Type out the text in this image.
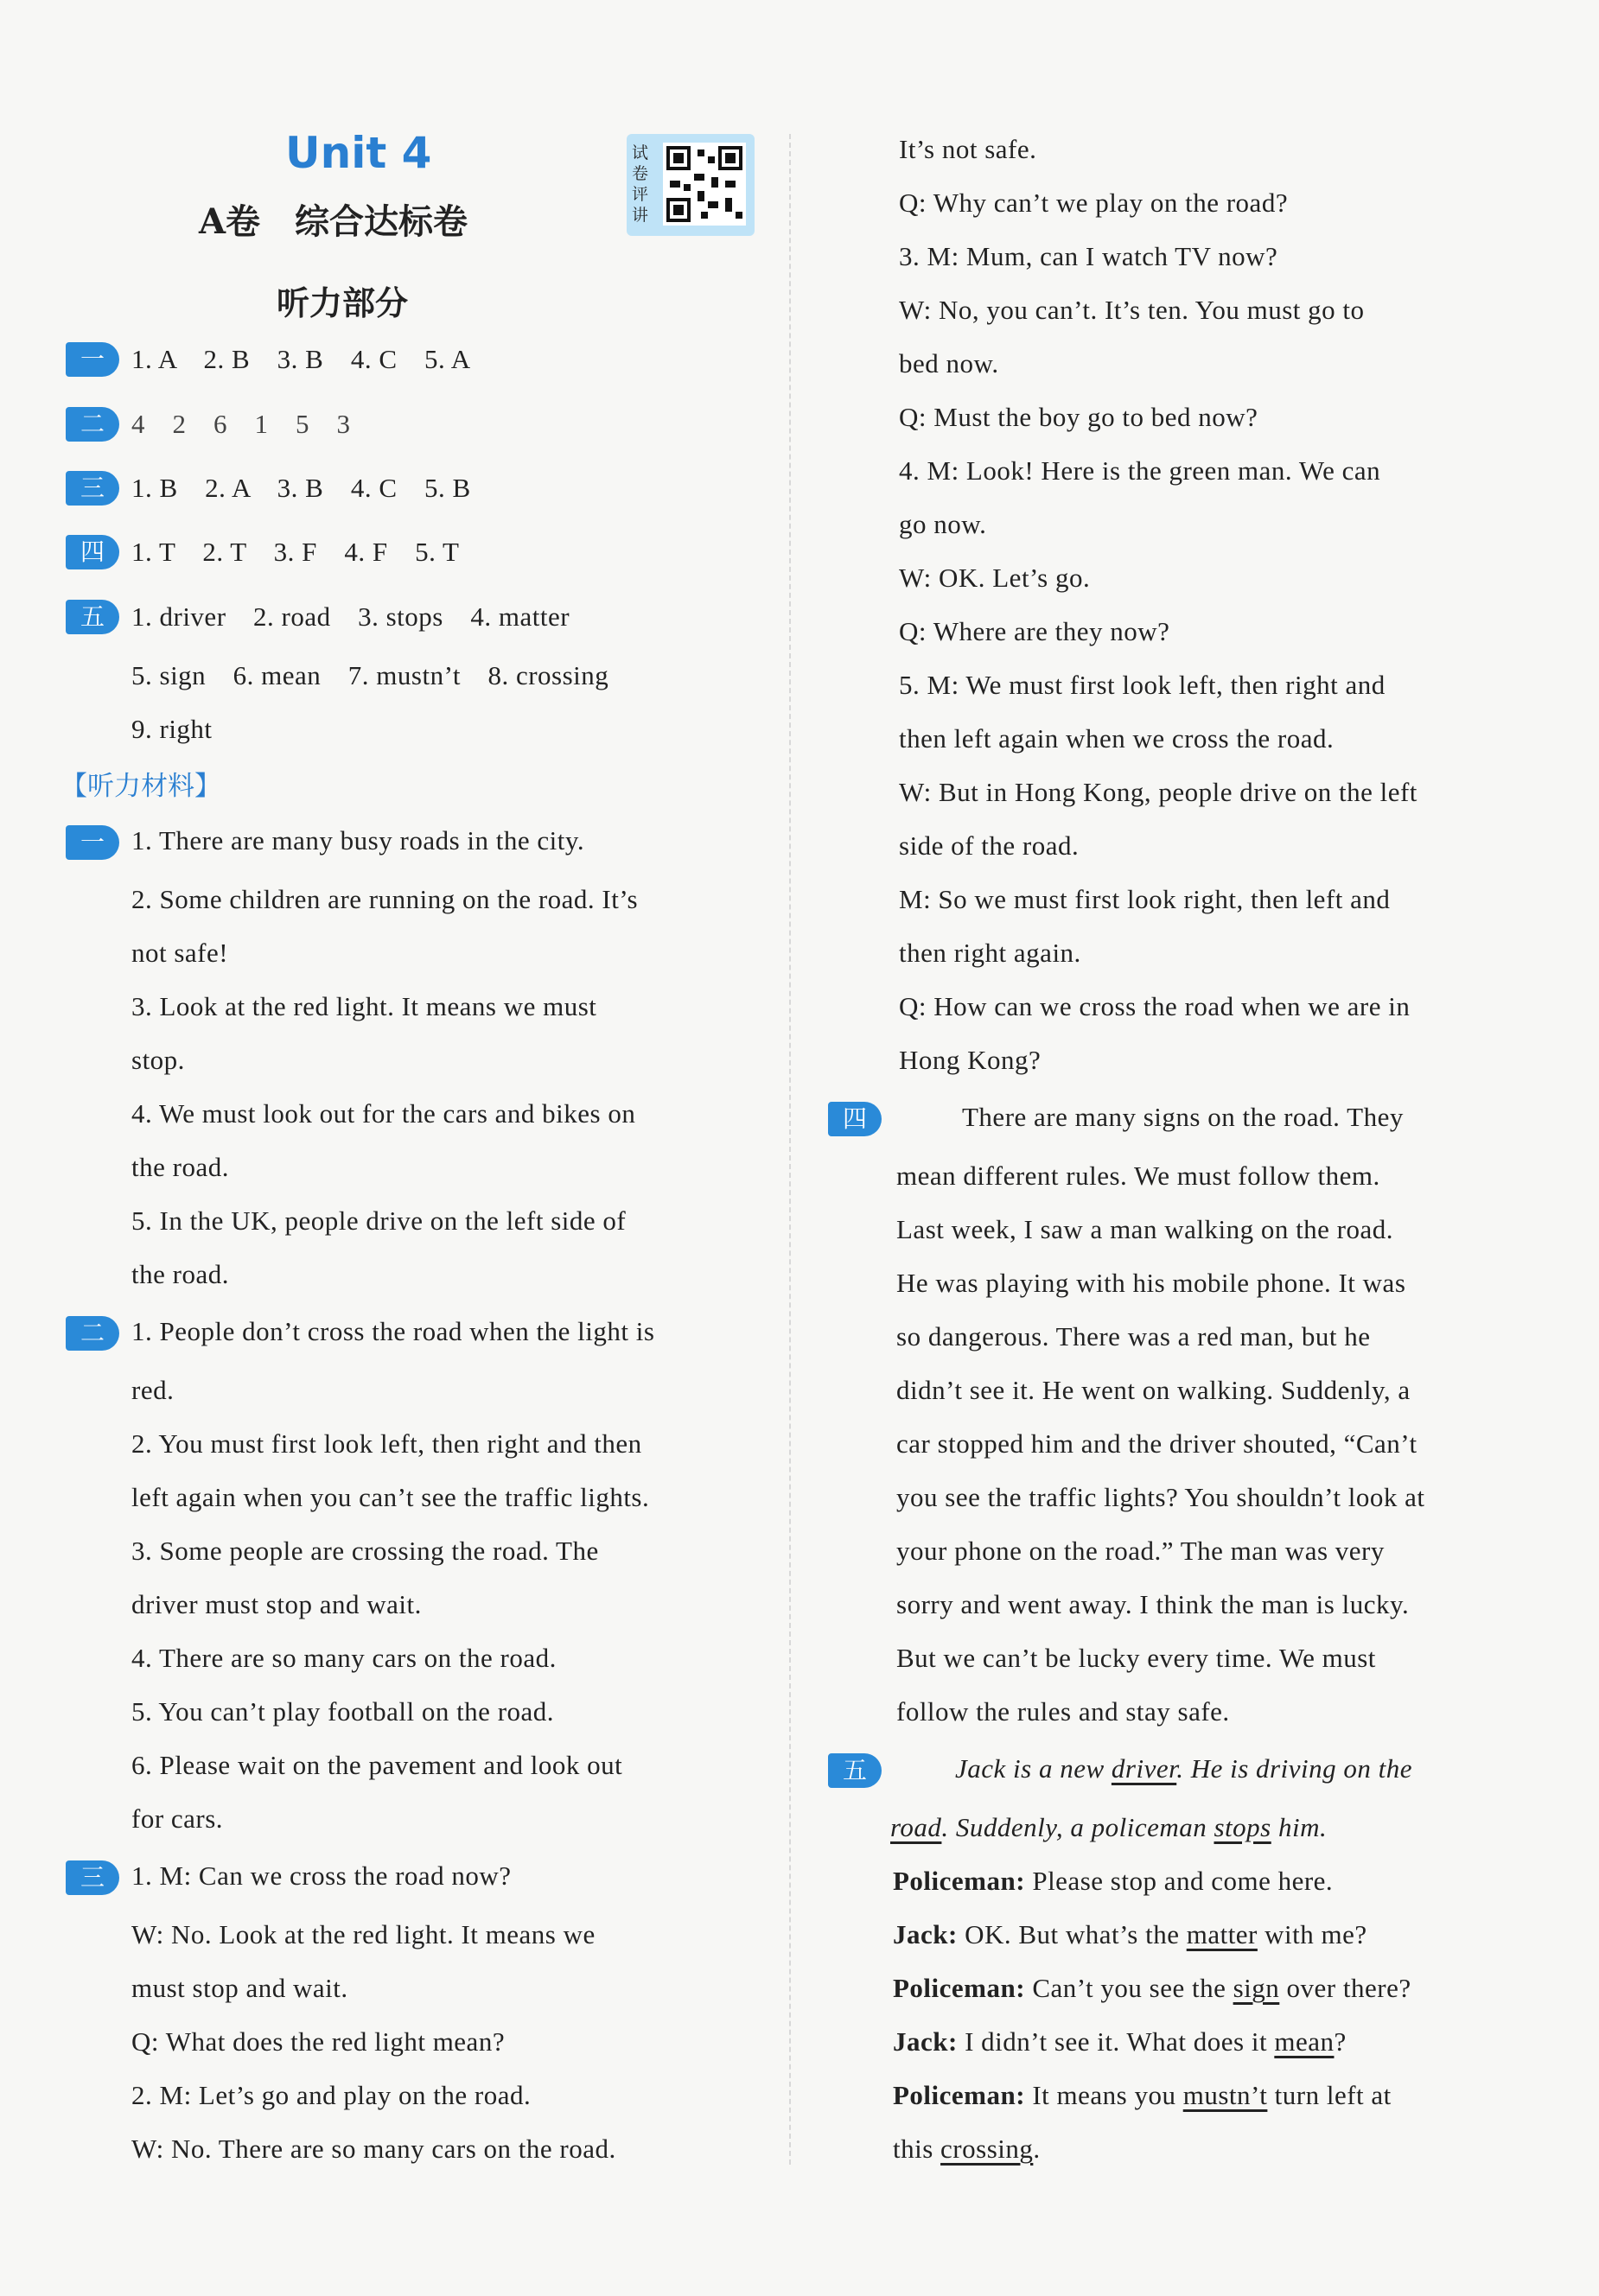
Unit 4
A卷　综合达标卷
试卷评讲
听力部分
一	1. A　2. B　3. B　4. C　5. A
二	4　2　6　1　5　3
三	1. B　2. A　3. B　4. C　5. B
四	1. T　2. T　3. F　4. F　5. T
五	1. driver　2. road　3. stops　4. matter
5. sign　6. mean　7. mustn’t　8. crossing
9. right
【听力材料】
一	1. There are many busy roads in the city.
2. Some children are running on the road. It’s
not safe!
3. Look at the red light. It means we must
stop.
4. We must look out for the cars and bikes on
the road.
5. In the UK, people drive on the left side of
the road.
二	1. People don’t cross the road when the light is
red.
2. You must first look left, then right and then
left again when you can’t see the traffic lights.
3. Some people are crossing the road. The
driver must stop and wait.
4. There are so many cars on the road.
5. You can’t play football on the road.
6. Please wait on the pavement and look out
for cars.
三	1. M: Can we cross the road now?
W: No. Look at the red light. It means we
must stop and wait.
Q: What does the red light mean?
2. M: Let’s go and play on the road.
W: No. There are so many cars on the road.
It’s not safe.
Q: Why can’t we play on the road?
3. M: Mum, can I watch TV now?
W: No, you can’t. It’s ten. You must go to
bed now.
Q: Must the boy go to bed now?
4. M: Look! Here is the green man. We can
go now.
W: OK. Let’s go.
Q: Where are they now?
5. M: We must first look left, then right and
then left again when we cross the road.
W: But in Hong Kong, people drive on the left
side of the road.
M: So we must first look right, then left and
then right again.
Q: How can we cross the road when we are in
Hong Kong?
四	There are many signs on the road. They
mean different rules. We must follow them.
Last week, I saw a man walking on the road.
He was playing with his mobile phone. It was
so dangerous. There was a red man, but he
didn’t see it. He went on walking. Suddenly, a
car stopped him and the driver shouted, “Can’t
you see the traffic lights? You shouldn’t look at
your phone on the road.” The man was very
sorry and went away. I think the man is lucky.
But we can’t be lucky every time. We must
follow the rules and stay safe.
五	Jack is a new driver. He is driving on the
road. Suddenly, a policeman stops him.
Policeman: Please stop and come here.
Jack: OK. But what’s the matter with me?
Policeman: Can’t you see the sign over there?
Jack: I didn’t see it. What does it mean?
Policeman: It means you mustn’t turn left at
this crossing.
